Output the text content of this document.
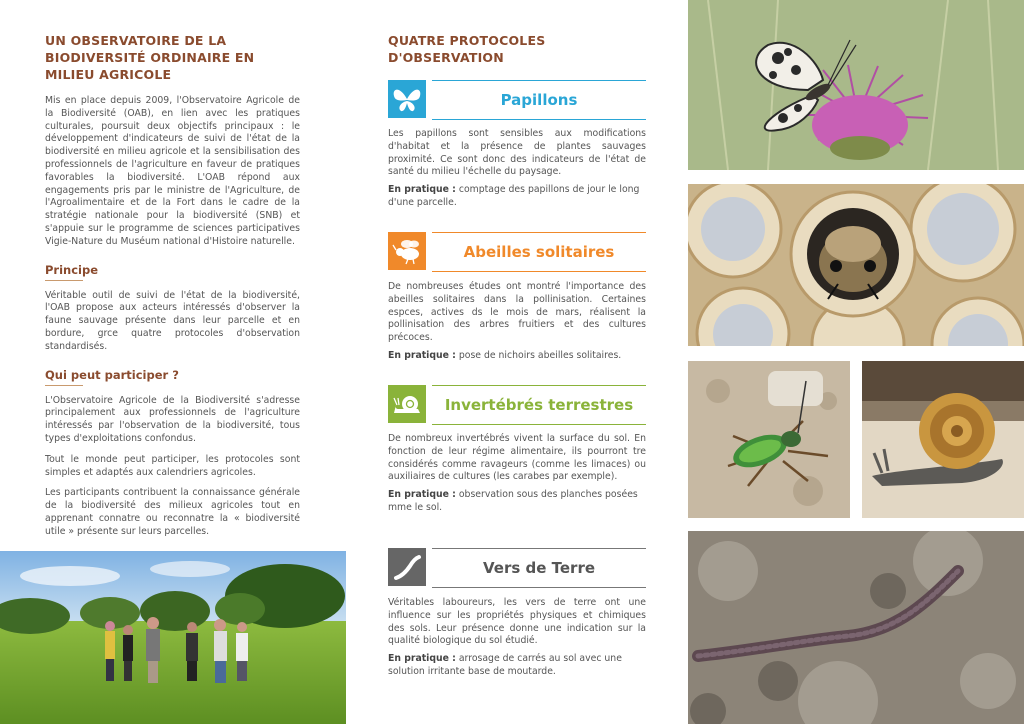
UN OBSERVATOIRE DE LA BIODIVERSITÉ ORDINAIRE EN MILIEU AGRICOLE

Mis en place depuis 2009, l'Observatoire Agricole de la Biodiversité (OAB), en lien avec les pratiques culturales, poursuit deux objectifs principaux : le développement d'indicateurs de suivi de l'état de la biodiversité en milieu agricole et la sensibilisation des professionnels de l'agriculture en faveur de pratiques favorables la biodiversité. L'OAB répond aux engagements pris par le ministre de l'Agriculture, de l'Agroalimentaire et de la Fort dans le cadre de la stratégie nationale pour la biodiversité (SNB) et s'appuie sur le programme de sciences participatives Vigie-Nature du Muséum national d'Histoire naturelle.

Principe

Véritable outil de suivi de l'état de la biodiversité, l'OAB propose aux acteurs intéressés d'observer la faune sauvage présente dans leur parcelle et en bordure, grce quatre protocoles d'observation standardisés.

Qui peut participer ?

L'Observatoire Agricole de la Biodiversité s'adresse principalement aux professionnels de l'agriculture intéressés par l'observation de la biodiversité, tous types d'exploitations confondus.

Tout le monde peut participer, les protocoles sont simples et adaptés aux calendriers agricoles.

Les participants contribuent la connaissance générale de la biodiversité des milieux agricoles tout en apprenant connatre ou reconnatre la « biodiversité utile » présente sur leurs parcelles.

QUATRE PROTOCOLES D'OBSERVATION
Papillons

Les papillons sont sensibles aux modifications d'habitat et la présence de plantes sauvages proximité. Ce sont donc des indicateurs de l'état de santé du milieu l'échelle du paysage.

En pratique : comptage des papillons de jour le long d'une parcelle.

Abeilles solitaires

De nombreuses études ont montré l'importance des abeilles solitaires dans la pollinisation. Certaines espces, actives ds le mois de mars, réalisent la pollinisation des arbres fruitiers et des cultures précoces.

En pratique : pose de nichoirs abeilles solitaires.

Invertébrés terrestres

De nombreux invertébrés vivent la surface du sol. En fonction de leur régime alimentaire, ils pourront tre considérés comme ravageurs (comme les limaces) ou auxiliaires de cultures (les carabes par exemple).

En pratique : observation sous des planches posées mme le sol.

Vers de Terre

Véritables laboureurs, les vers de terre ont une influence sur les propriétés physiques et chimiques des sols. Leur présence donne une indication sur la qualité biologique du sol étudié.

En pratique : arrosage de carrés au sol avec une solution irritante base de moutarde.
